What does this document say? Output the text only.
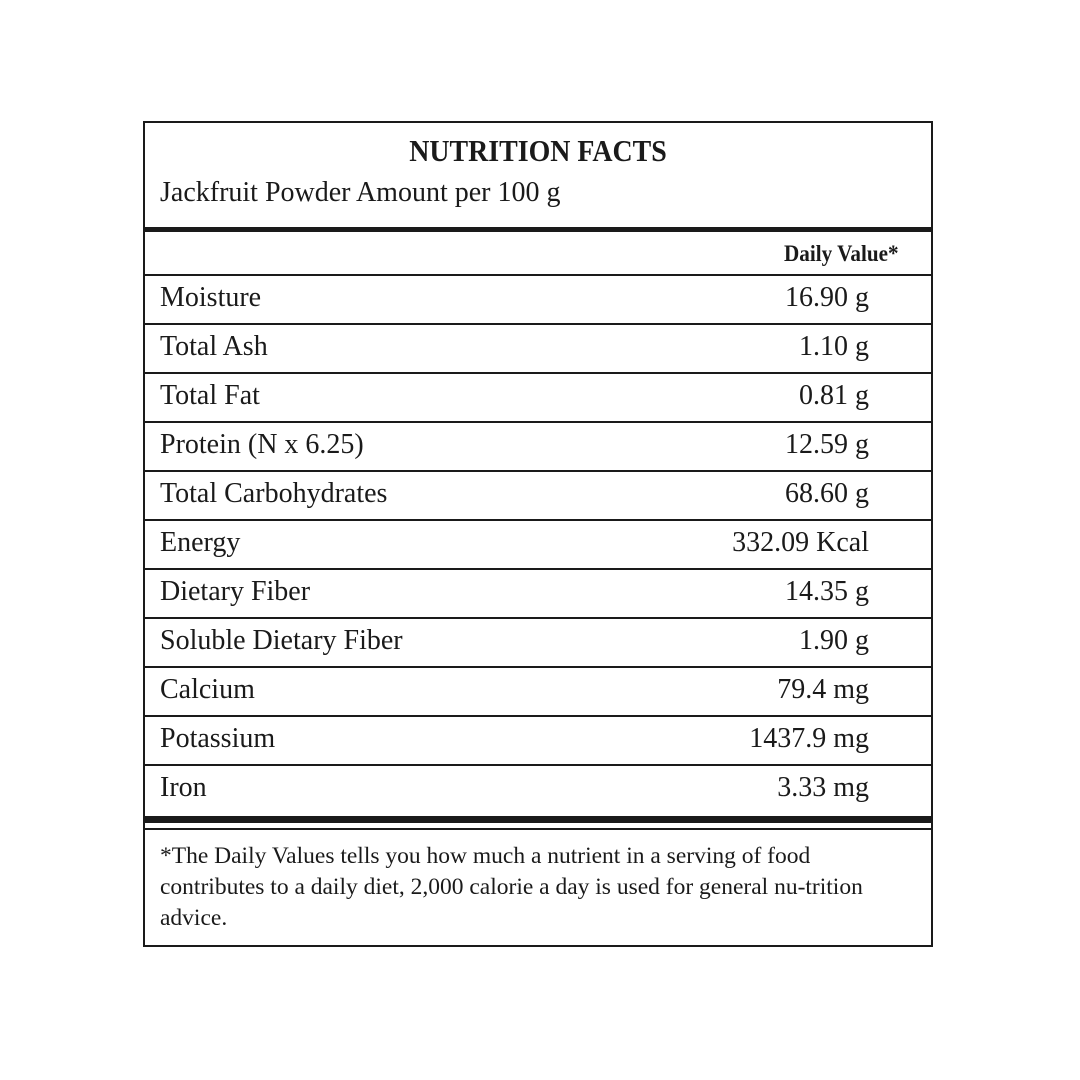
NUTRITION FACTS
Jackfruit Powder Amount per 100 g
Daily Value*
Moisture	16.90 g
Total Ash	1.10 g
Total Fat	0.81 g
Protein (N x 6.25)	12.59 g
Total Carbohydrates	68.60 g
Energy	332.09 Kcal
Dietary Fiber	14.35 g
Soluble Dietary Fiber	1.90 g
Calcium	79.4 mg
Potassium	1437.9 mg
Iron	3.33 mg
*The Daily Values tells you how much a nutrient in a serving of food contributes to a daily diet, 2,000 calorie a day is used for general nu-trition advice.
